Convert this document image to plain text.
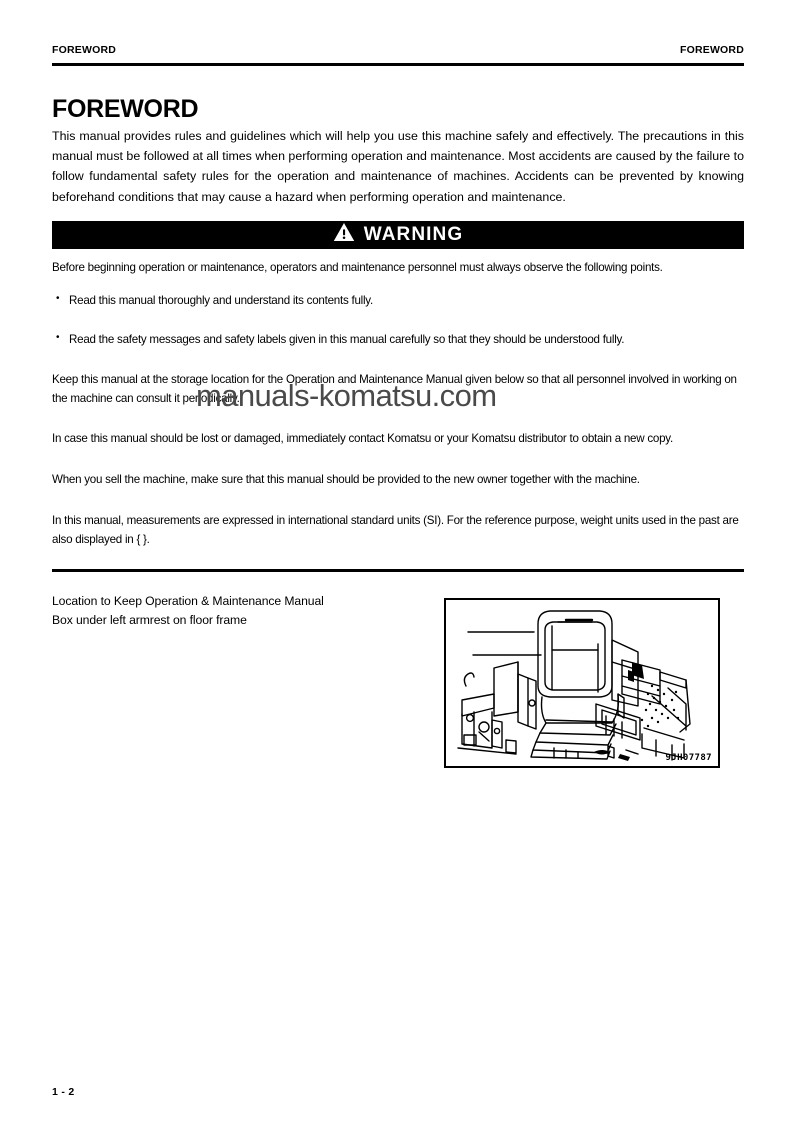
FOREWORD	FOREWORD
FOREWORD

This manual provides rules and guidelines which will help you use this machine safely and effectively. The precautions in this manual must be followed at all times when performing operation and maintenance. Most accidents are caused by the failure to follow fundamental safety rules for the operation and maintenance of machines. Accidents can be prevented by knowing beforehand conditions that may cause a hazard when performing operation and maintenance.

WARNING

Before beginning operation or maintenance, operators and maintenance personnel must always observe the following points.

• Read this manual thoroughly and understand its contents fully.
• Read the safety messages and safety labels given in this manual carefully so that they should be understood fully.

Keep this manual at the storage location for the Operation and Maintenance Manual given below so that all personnel involved in working on the machine can consult it periodically.

In case this manual should be lost or damaged, immediately contact Komatsu or your Komatsu distributor to obtain a new copy.

When you sell the machine, make sure that this manual should be provided to the new owner together with the machine.

In this manual, measurements are expressed in international standard units (SI). For the reference purpose, weight units used in the past are also displayed in { }.

Location to Keep Operation & Maintenance Manual
Box under left armrest on floor frame
9JH07787
manuals-komatsu.com
1 - 2
